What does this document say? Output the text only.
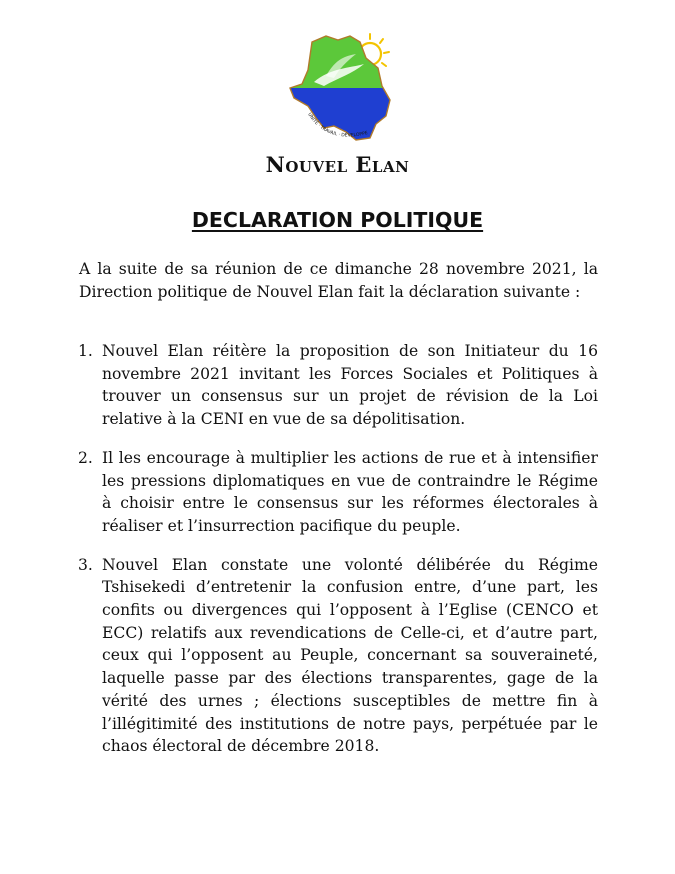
UNITÉ · TRAVAIL · DÉVELOPPE
Nouvel Elan
DECLARATION POLITIQUE

A la suite de sa réunion de ce dimanche 28 novembre 2021, la Direction politique de Nouvel Elan fait la déclaration suivante :

1. Nouvel Elan réitère la proposition de son Initiateur du 16 novembre 2021 invitant les Forces Sociales et Politiques à trouver un consensus sur un projet de révision de la Loi relative à la CENI en vue de sa dépolitisation.
2. Il les encourage à multiplier les actions de rue et à intensifier les pressions diplomatiques en vue de contraindre le Régime à choisir entre le consensus sur les réformes électorales à réaliser et l’insurrection pacifique du peuple.
3. Nouvel Elan constate une volonté délibérée du Régime Tshisekedi d’entretenir la confusion entre, d’une part, les confits ou divergences qui l’opposent à l’Eglise (CENCO et ECC) relatifs aux revendications de Celle-ci, et d’autre part, ceux qui l’opposent au Peuple, concernant sa souveraineté, laquelle passe par des élections transparentes, gage de la vérité des urnes ; élections susceptibles de mettre fin à l’illégitimité des institutions de notre pays, perpétuée par le chaos électoral de décembre 2018.
